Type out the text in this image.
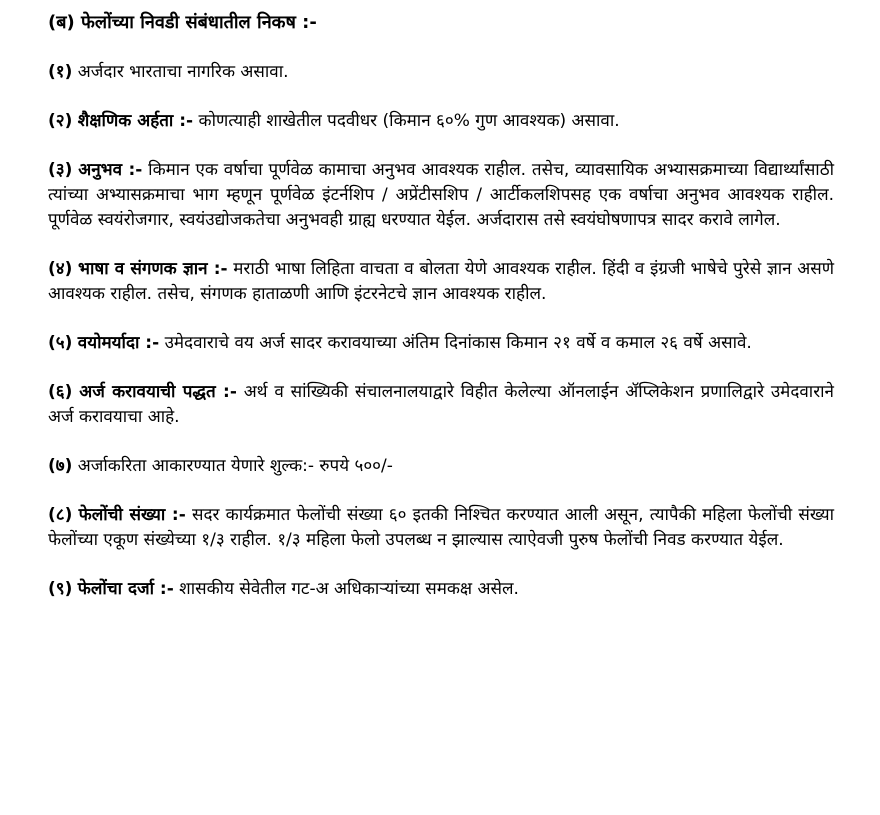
(ब) फेलोंच्या निवडी संबंधातील निकष :-
(१) अर्जदार भारताचा नागरिक असावा.
(२) शैक्षणिक अर्हता :- कोणत्याही शाखेतील पदवीधर (किमान ६०% गुण आवश्यक) असावा.
(३) अनुभव :- किमान एक वर्षाचा पूर्णवेळ कामाचा अनुभव आवश्यक राहील. तसेच, व्यावसायिक अभ्यासक्रमाच्या विद्यार्थ्यांसाठी त्यांच्या अभ्यासक्रमाचा भाग म्हणून पूर्णवेळ इंटर्नशिप / अप्रेंटीसशिप / आर्टीकलशिपसह एक वर्षाचा अनुभव आवश्यक राहील. पूर्णवेळ स्वयंरोजगार, स्वयंउद्योजकतेचा अनुभवही ग्राह्य धरण्यात येईल. अर्जदारास तसे स्वयंघोषणापत्र सादर करावे लागेल.
(४) भाषा व संगणक ज्ञान :- मराठी भाषा लिहिता वाचता व बोलता येणे आवश्यक राहील. हिंदी व इंग्रजी भाषेचे पुरेसे ज्ञान असणे आवश्यक राहील. तसेच, संगणक हाताळणी आणि इंटरनेटचे ज्ञान आवश्यक राहील.
(५) वयोमर्यादा :- उमेदवाराचे वय अर्ज सादर करावयाच्या अंतिम दिनांकास किमान २१ वर्षे व कमाल २६ वर्षे असावे.
(६) अर्ज करावयाची पद्धत :- अर्थ व सांख्यिकी संचालनालयाद्वारे विहीत केलेल्या ऑनलाईन ॲप्लिकेशन प्रणालिद्वारे उमेदवाराने अर्ज करावयाचा आहे.
(७) अर्जाकरिता आकारण्यात येणारे शुल्क:- रुपये ५००/-
(८) फेलोंची संख्या :- सदर कार्यक्रमात फेलोंची संख्या ६० इतकी निश्चित करण्यात आली असून, त्यापैकी महिला फेलोंची संख्या फेलोंच्या एकूण संख्येच्या १/३ राहील. १/३ महिला फेलो उपलब्ध न झाल्यास त्याऐवजी पुरुष फेलोंची निवड करण्यात येईल.
(९) फेलोंचा दर्जा :- शासकीय सेवेतील गट-अ अधिकाऱ्यांच्या समकक्ष असेल.
